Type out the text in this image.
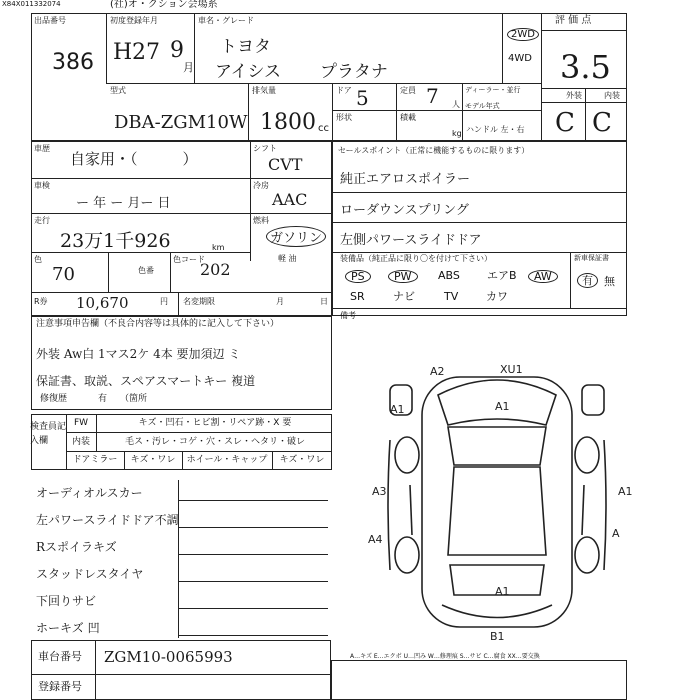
X84X011332074	(社)オ・クション会場系
出品番号
386
初度登録年月
H 27 9
月
車名・グレード
トヨタ
アイシス プラタナ
2WD
4WD
評 価 点
3.5
外装	内装
C C
型式
DBA-ZGM10W
排気量
1800 cc
ドア 5	定員 7 人
ディーラー・並行
モデル年式
形状	積載
kg ハンドル 左・右
車歴
自家用・（　　　）
シフト
CVT
車検
ー 年 ー 月ー 日
冷房
AAC
走行
23万1千926	km
燃料
ガソリン
軽 油
色
70	色番
色コード
202
R券 10,670	円 名変期限	月	日
セールスポイント（正常に機能するものに限ります）
純正エアロスポイラー
ローダウンスプリング
左側パワースライドドア
装備品（純正品に限り〇を付けて下さい）	新車保証書
有	無
備考
注意事項申告欄（不良合内容等は具体的に記入して下さい）
外装 Aw白 1マス2ケ 4本 要加須辺 ミ
保証書、取説、スペアスマートキー 複道
修復歴	有 （箇所
検査員記入欄
FW	キズ・凹石・ヒビ割・リペア跡・X 要
内装	毛ス・汚レ・コゲ・穴・スレ・ヘタリ・破レ
ドアミラー	キズ・ワレ	ホイール・キャップ	キズ・ワレ
A2	XU1
A1	A1
A1
A3
A4	A
A1
B1
A…キズ E…エクボ U…凹み W…修理痕 S…サビ C…腐食 XX…要交換
車台番号 ZGM10-0065993
登録番号
PS	PW	ABS	エアB	AW
SR	ナビ	TV	カワ
オーディオルスカー
左パワースライドドア不調
Rスポイラキズ
スタッドレスタイヤ
下回りサビ
ホーキズ 凹
